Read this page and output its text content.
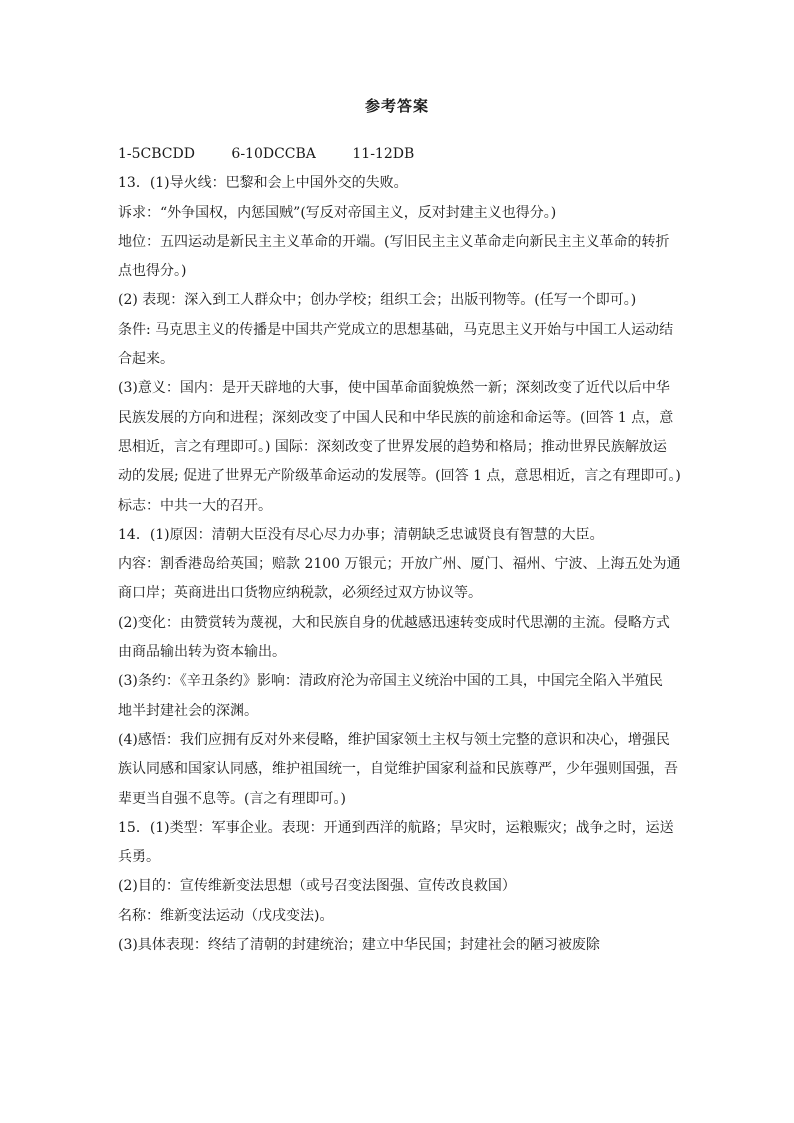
参考答案
1-5CBCDD	6-10DCCBA	11-12DB
13．(1)导火线：巴黎和会上中国外交的失败。
诉求：“外争国权，内惩国贼”(写反对帝国主义，反对封建主义也得分。)
地位：五四运动是新民主主义革命的开端。(写旧民主主义革命走向新民主主义革命的转折
点也得分。)
(2) 表现：深入到工人群众中；创办学校；组织工会；出版刊物等。(任写一个即可。)
条件: 马克思主义的传播是中国共产党成立的思想基础，马克思主义开始与中国工人运动结
合起来。
(3)意义：国内：是开天辟地的大事，使中国革命面貌焕然一新；深刻改变了近代以后中华
民族发展的方向和进程；深刻改变了中国人民和中华民族的前途和命运等。(回答 1 点，意
思相近，言之有理即可。) 国际：深刻改变了世界发展的趋势和格局；推动世界民族解放运
动的发展; 促进了世界无产阶级革命运动的发展等。(回答 1 点，意思相近，言之有理即可。)
标志：中共一大的召开。
14．(1)原因：清朝大臣没有尽心尽力办事；清朝缺乏忠诚贤良有智慧的大臣。
内容：割香港岛给英国；赔款 2100 万银元；开放广州、厦门、福州、宁波、上海五处为通
商口岸；英商进出口货物应纳税款，必须经过双方协议等。
(2)变化：由赞赏转为蔑视，大和民族自身的优越感迅速转变成时代思潮的主流。侵略方式
由商品输出转为资本输出。
(3)条约：《辛丑条约》影响：清政府沦为帝国主义统治中国的工具，中国完全陷入半殖民
地半封建社会的深渊。
(4)感悟：我们应拥有反对外来侵略，维护国家领土主权与领土完整的意识和决心，增强民
族认同感和国家认同感，维护祖国统一，自觉维护国家利益和民族尊严，少年强则国强，吾
辈更当自强不息等。(言之有理即可。)
15．(1)类型：军事企业。表现：开通到西洋的航路；旱灾时，运粮赈灾；战争之时，运送
兵勇。
(2)目的：宣传维新变法思想（或号召变法图强、宣传改良救国）
名称：维新变法运动（戊戌变法)。
(3)具体表现：终结了清朝的封建统治；建立中华民国；封建社会的陋习被废除
